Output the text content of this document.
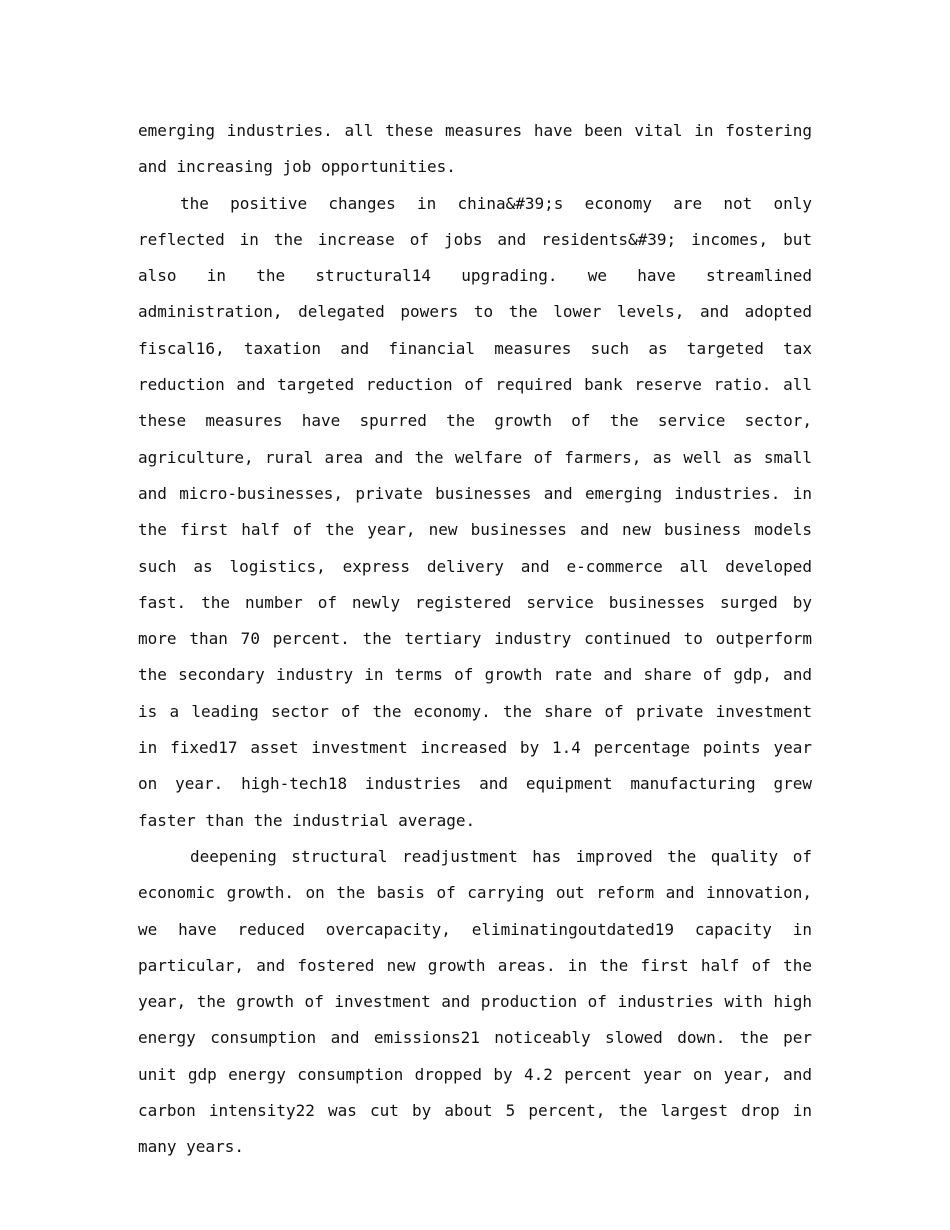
emerging industries. all these measures have been vital in fostering and increasing job opportunities.

the positive changes in china&#39;s economy are not only reflected in the increase of jobs and residents&#39; incomes, but also in the structural14 upgrading. we have streamlined administration, delegated powers to the lower levels, and adopted fiscal16, taxation and financial measures such as targeted tax reduction and targeted reduction of required bank reserve ratio. all these measures have spurred the growth of the service sector, agriculture, rural area and the welfare of farmers, as well as small and micro-businesses, private businesses and emerging industries. in the first half of the year, new businesses and new business models such as logistics, express delivery and e-commerce all developed fast. the number of newly registered service businesses surged by more than 70 percent. the tertiary industry continued to outperform the secondary industry in terms of growth rate and share of gdp, and is a leading sector of the economy. the share of private investment in fixed17 asset investment increased by 1.4 percentage points year on year. high-tech18 industries and equipment manufacturing grew faster than the industrial average.

deepening structural readjustment has improved the quality of economic growth. on the basis of carrying out reform and innovation, we have reduced overcapacity, eliminatingoutdated19 capacity in particular, and fostered new growth areas. in the first half of the year, the growth of investment and production of industries with high energy consumption and emissions21 noticeably slowed down. the per unit gdp energy consumption dropped by 4.2 percent year on year, and carbon intensity22 was cut by about 5 percent, the largest drop in many years.
